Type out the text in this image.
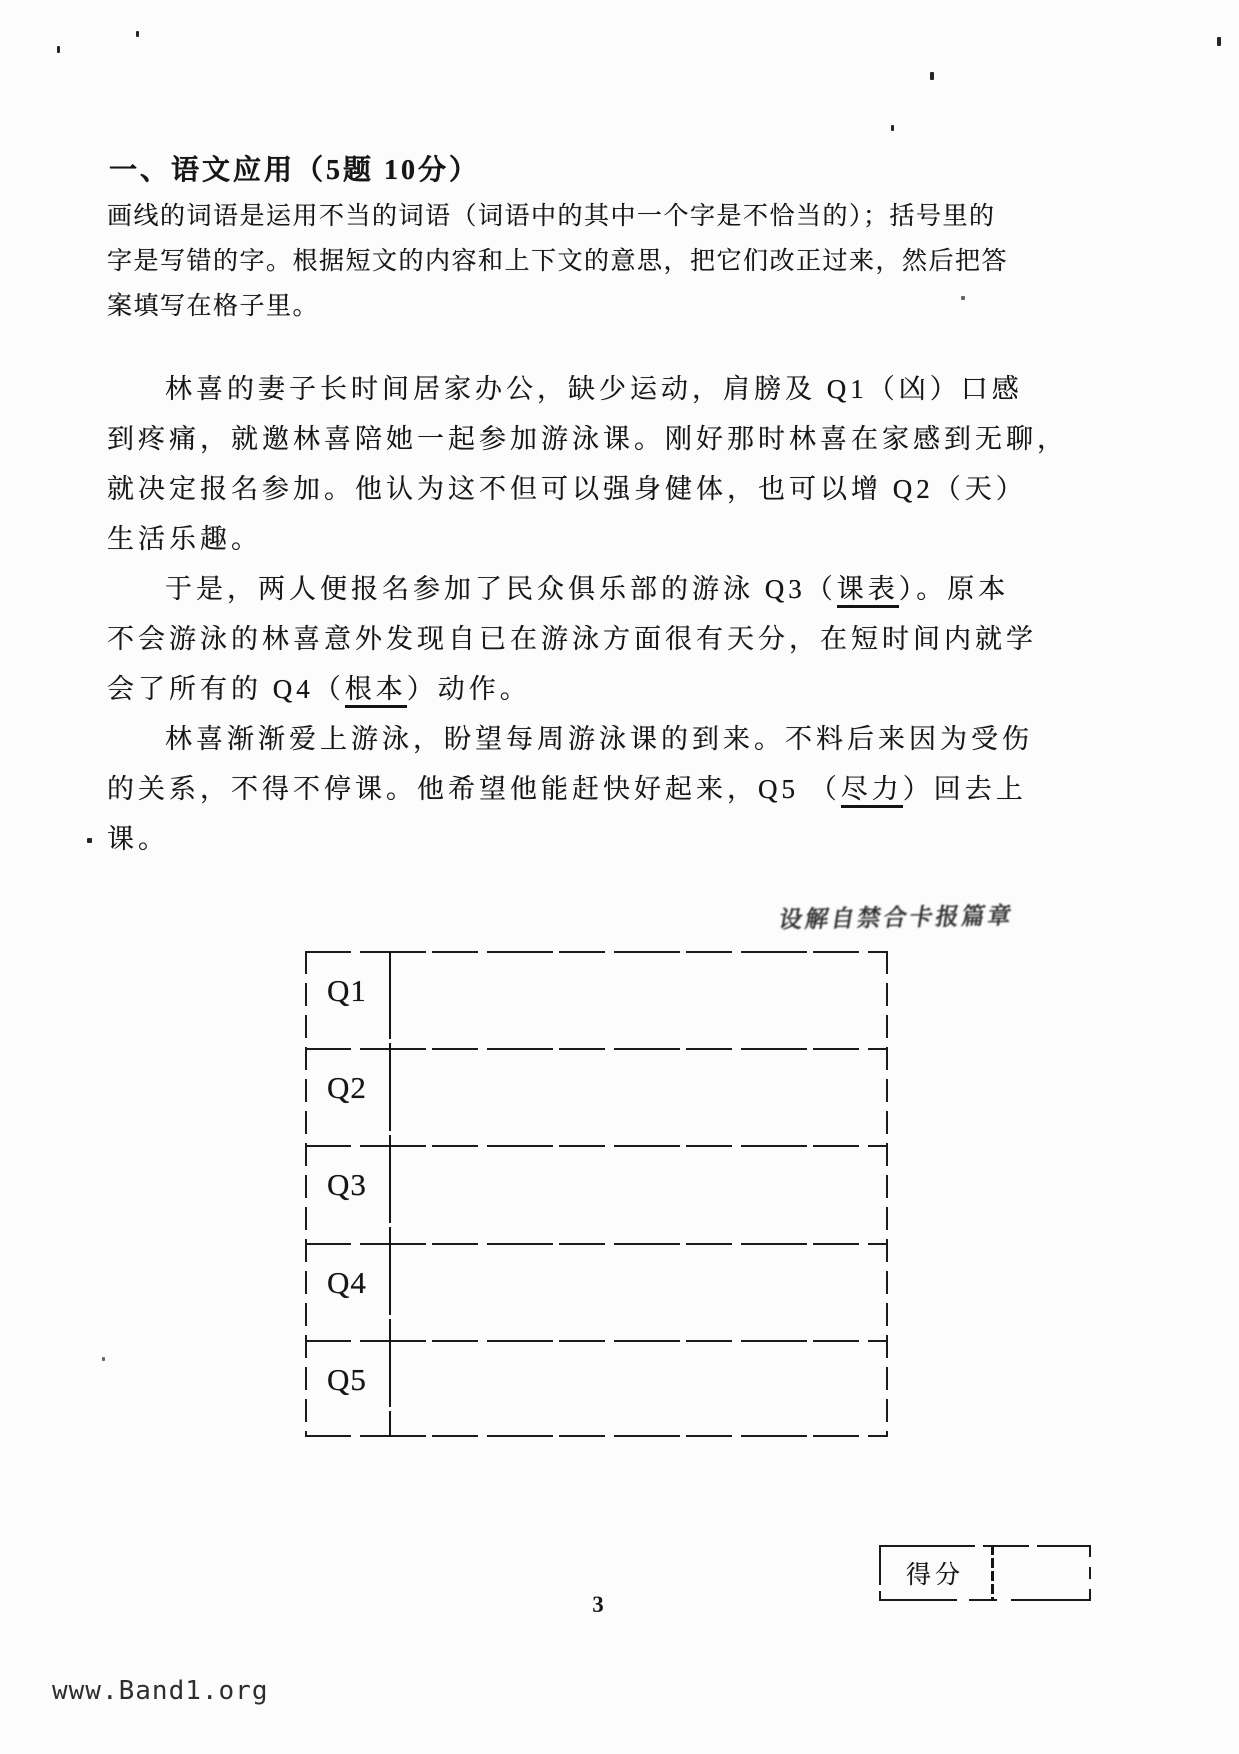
一、语文应用（5题 10分）
画线的词语是运用不当的词语（词语中的其中一个字是不恰当的）；括号里的
字是写错的字。根据短文的内容和上下文的意思，把它们改正过来，然后把答
案填写在格子里。
林喜的妻子长时间居家办公，缺少运动，肩膀及 Q1（凶）口感
到疼痛，就邀林喜陪她一起参加游泳课。刚好那时林喜在家感到无聊，
就决定报名参加。他认为这不但可以强身健体，也可以增 Q2（天）
生活乐趣。
于是，两人便报名参加了民众俱乐部的游泳 Q3（课表）。原本
不会游泳的林喜意外发现自已在游泳方面很有天分，在短时间内就学
会了所有的 Q4（根本）动作。
林喜渐渐爱上游泳，盼望每周游泳课的到来。不料后来因为受伤
的关系，不得不停课。他希望他能赶快好起来，Q5 （尽力）回去上
课。
设解自禁合卡报篇章
Q1
Q2
Q3
Q4
Q5
得分
3
www.Band1.org
